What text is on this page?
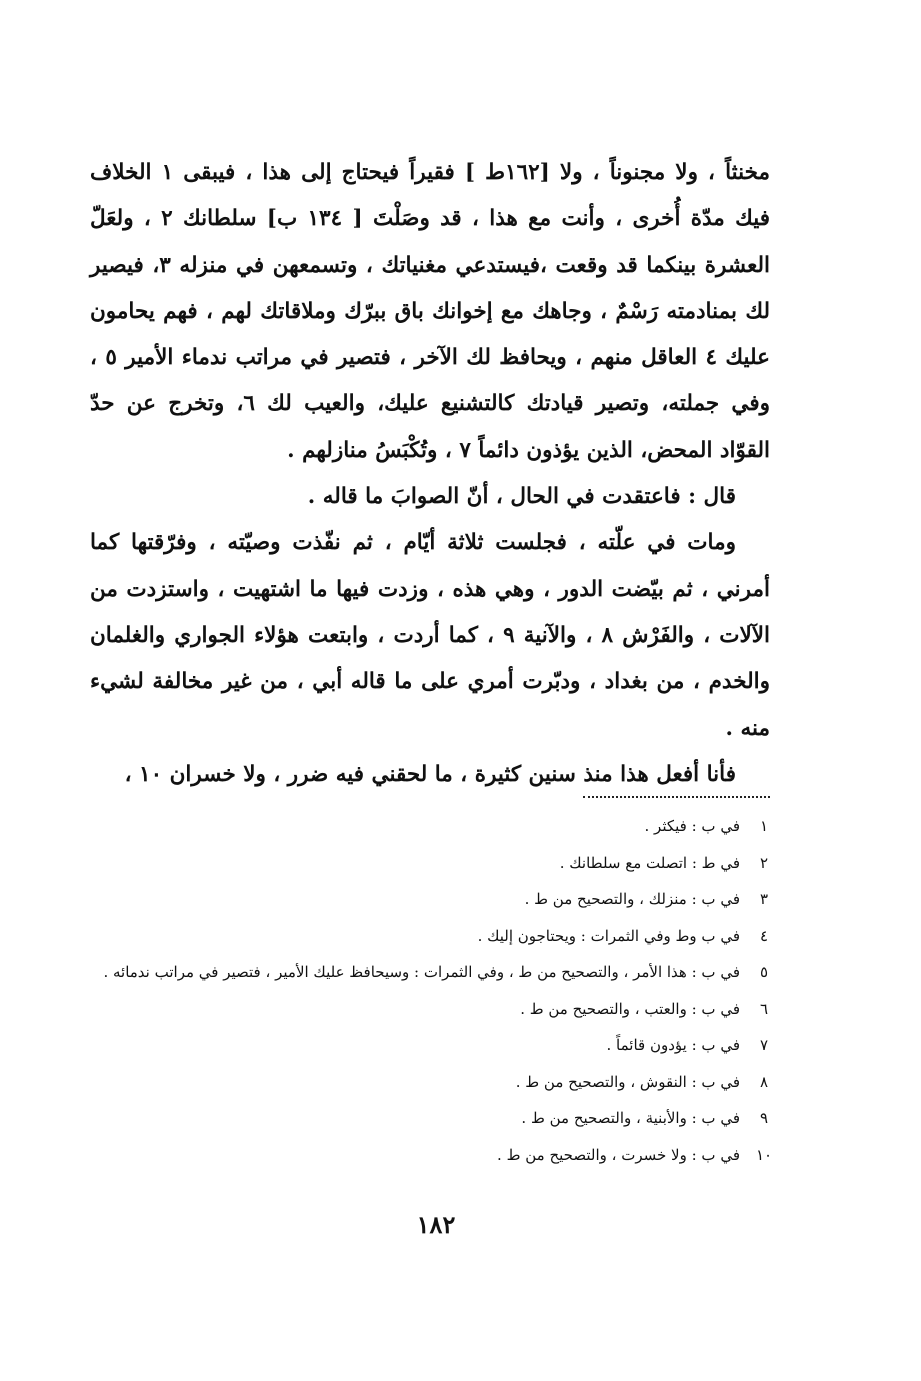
مخنثاً ، ولا مجنوناً ، ولا [١٦٢ط ] فقيراً فيحتاج إلى هذا ، فيبقى ١ الخلاف فيك مدّة أُخرى ، وأنت مع هذا ، قد وصَلْتَ [ ١٣٤ ب] سلطانك ٢ ، ولعَلّ العشرة بينكما قد وقعت ،فيستدعي مغنياتك ، وتسمعهن في منزله ٣، فيصير لك بمنادمته رَسْمٌ ، وجاهك مع إخوانك باق ببرّك وملاقاتك لهم ، فهم يحامون عليك ٤ العاقل منهم ، ويحافظ لك الآخر ، فتصير في مراتب ندماء الأمير ٥ ، وفي جملته، وتصير قيادتك كالتشنيع عليك، والعيب لك ٦، وتخرج عن حدّ القوّاد المحض، الذين يؤذون دائماً ٧ ، وتُكْبَسُ منازلهم .

قال : فاعتقدت في الحال ، أنّ الصوابَ ما قاله .

ومات في علّته ، فجلست ثلاثة أيّام ، ثم نفّذت وصيّته ، وفرّقتها كما أمرني ، ثم بيّضت الدور ، وهي هذه ، وزدت فيها ما اشتهيت ، واستزدت من الآلات ، والفَرْش ٨ ، والآنية ٩ ، كما أردت ، وابتعت هؤلاء الجواري والغلمان والخدم ، من بغداد ، ودبّرت أمري على ما قاله أبي ، من غير مخالفة لشيء منه .

فأنا أفعل هذا منذ سنين كثيرة ، ما لحقني فيه ضرر ، ولا خسران ١٠ ،

١
في ب : فيكثر .
٢
في ط : اتصلت مع سلطانك .
٣
في ب : منزلك ، والتصحيح من ط .
٤
في ب وط وفي الثمرات : ويحتاجون إليك .
٥
في ب : هذا الأمر ، والتصحيح من ط ، وفي الثمرات : وسيحافظ عليك الأمير ، فتصير في مراتب ندمائه .
٦
في ب : والعتب ، والتصحيح من ط .
٧
في ب : يؤدون قائماً .
٨
في ب : النقوش ، والتصحيح من ط .
٩
في ب : والأبنية ، والتصحيح من ط .
١٠
في ب : ولا خسرت ، والتصحيح من ط .
١٨٢
